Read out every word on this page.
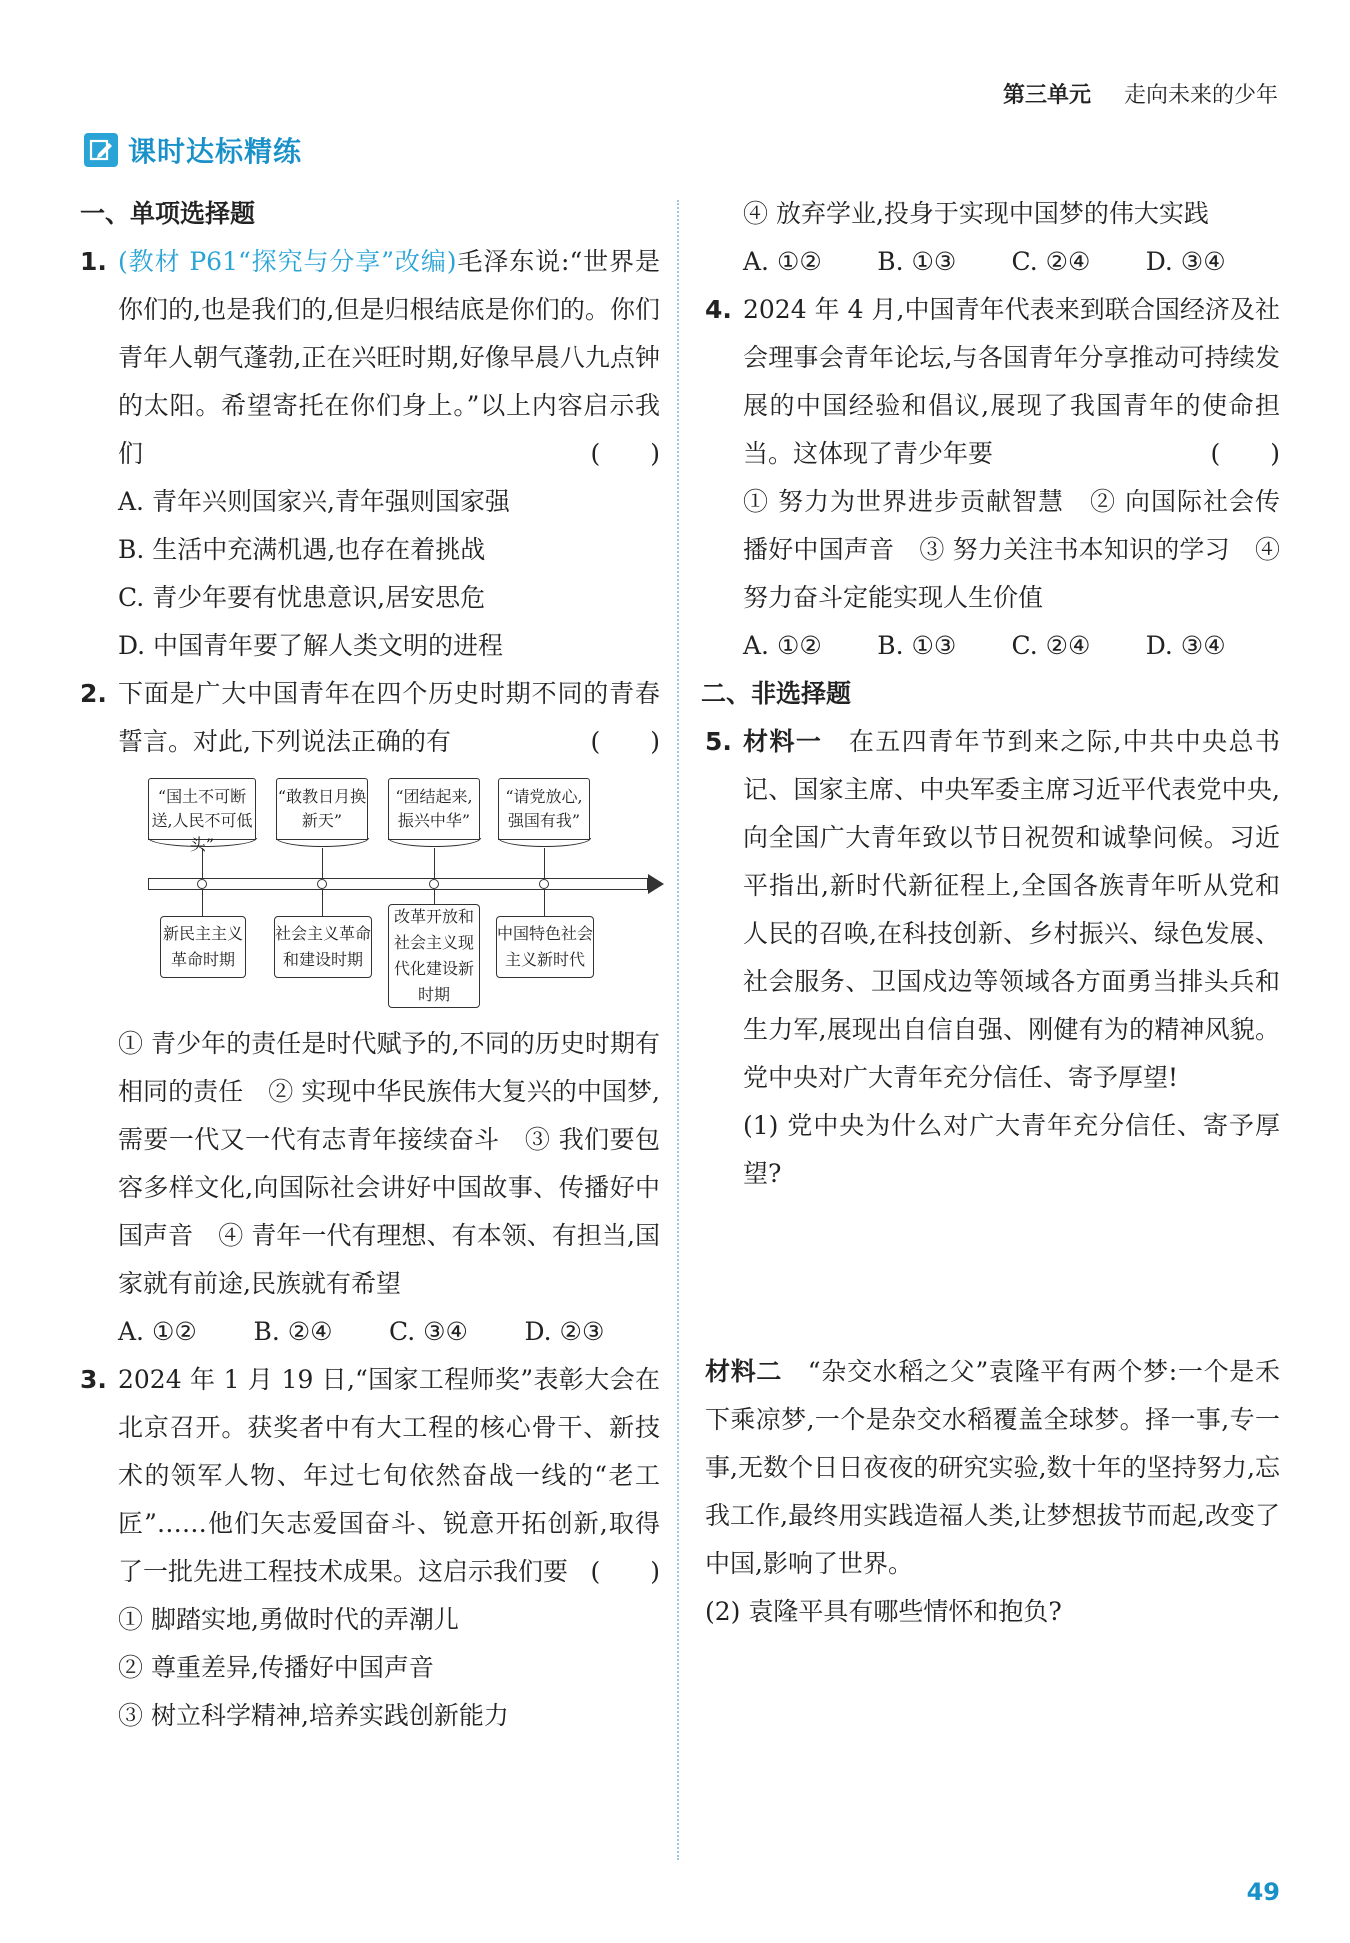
第三单元 走向未来的少年
课时达标精练

一、单项选择题

1. (教材 P61“探究与分享”改编)毛泽东说:“世界是你们的,也是我们的,但是归根结底是你们的。你们青年人朝气蓬勃,正在兴旺时期,好像早晨八九点钟的太阳。希望寄托在你们身上。”以上内容启示我们	(　　)

A. 青年兴则国家兴,青年强则国家强

B. 生活中充满机遇,也存在着挑战

C. 青少年要有忧患意识,居安思危

D. 中国青年要了解人类文明的进程

2. 下面是广大中国青年在四个历史时期不同的青春誓言。对此,下列说法正确的有	(　　)

“国土不可断送,人民不可低头”
“敢教日月换新天”
“团结起来,振兴中华”
“请党放心,强国有我”
新民主主义革命时期
社会主义革命和建设时期
改革开放和社会主义现代化建设新时期
中国特色社会主义新时代

① 青少年的责任是时代赋予的,不同的历史时期有相同的责任　② 实现中华民族伟大复兴的中国梦,需要一代又一代有志青年接续奋斗　③ 我们要包容多样文化,向国际社会讲好中国故事、传播好中国声音　④ 青年一代有理想、有本领、有担当,国家就有前途,民族就有希望

A. ①②	B. ②④	C. ③④	D. ②③
3. 2024 年 1 月 19 日,“国家工程师奖”表彰大会在北京召开。获奖者中有大工程的核心骨干、新技术的领军人物、年过七旬依然奋战一线的“老工匠”……他们矢志爱国奋斗、锐意开拓创新,取得了一批先进工程技术成果。这启示我们要 (　　)

① 脚踏实地,勇做时代的弄潮儿

② 尊重差异,传播好中国声音

③ 树立科学精神,培养实践创新能力

④ 放弃学业,投身于实现中国梦的伟大实践

A. ①②	B. ①③	C. ②④	D. ③④
4. 2024 年 4 月,中国青年代表来到联合国经济及社会理事会青年论坛,与各国青年分享推动可持续发展的中国经验和倡议,展现了我国青年的使命担当。这体现了青少年要	(　　)

① 努力为世界进步贡献智慧　② 向国际社会传播好中国声音　③ 努力关注书本知识的学习　④ 努力奋斗定能实现人生价值

A. ①②	B. ①③	C. ②④	D. ③④

二、非选择题

5. 材料一　 在五四青年节到来之际,中共中央总书记、国家主席、中央军委主席习近平代表党中央,向全国广大青年致以节日祝贺和诚挚问候。习近平指出,新时代新征程上,全国各族青年听从党和人民的召唤,在科技创新、乡村振兴、绿色发展、社会服务、卫国戍边等领域各方面勇当排头兵和生力军,展现出自信自强、刚健有为的精神风貌。党中央对广大青年充分信任、寄予厚望!

(1) 党中央为什么对广大青年充分信任、寄予厚望?

材料二　 “杂交水稻之父”袁隆平有两个梦:一个是禾下乘凉梦,一个是杂交水稻覆盖全球梦。择一事,专一事,无数个日日夜夜的研究实验,数十年的坚持努力,忘我工作,最终用实践造福人类,让梦想拔节而起,改变了中国,影响了世界。

(2) 袁隆平具有哪些情怀和抱负?

49
